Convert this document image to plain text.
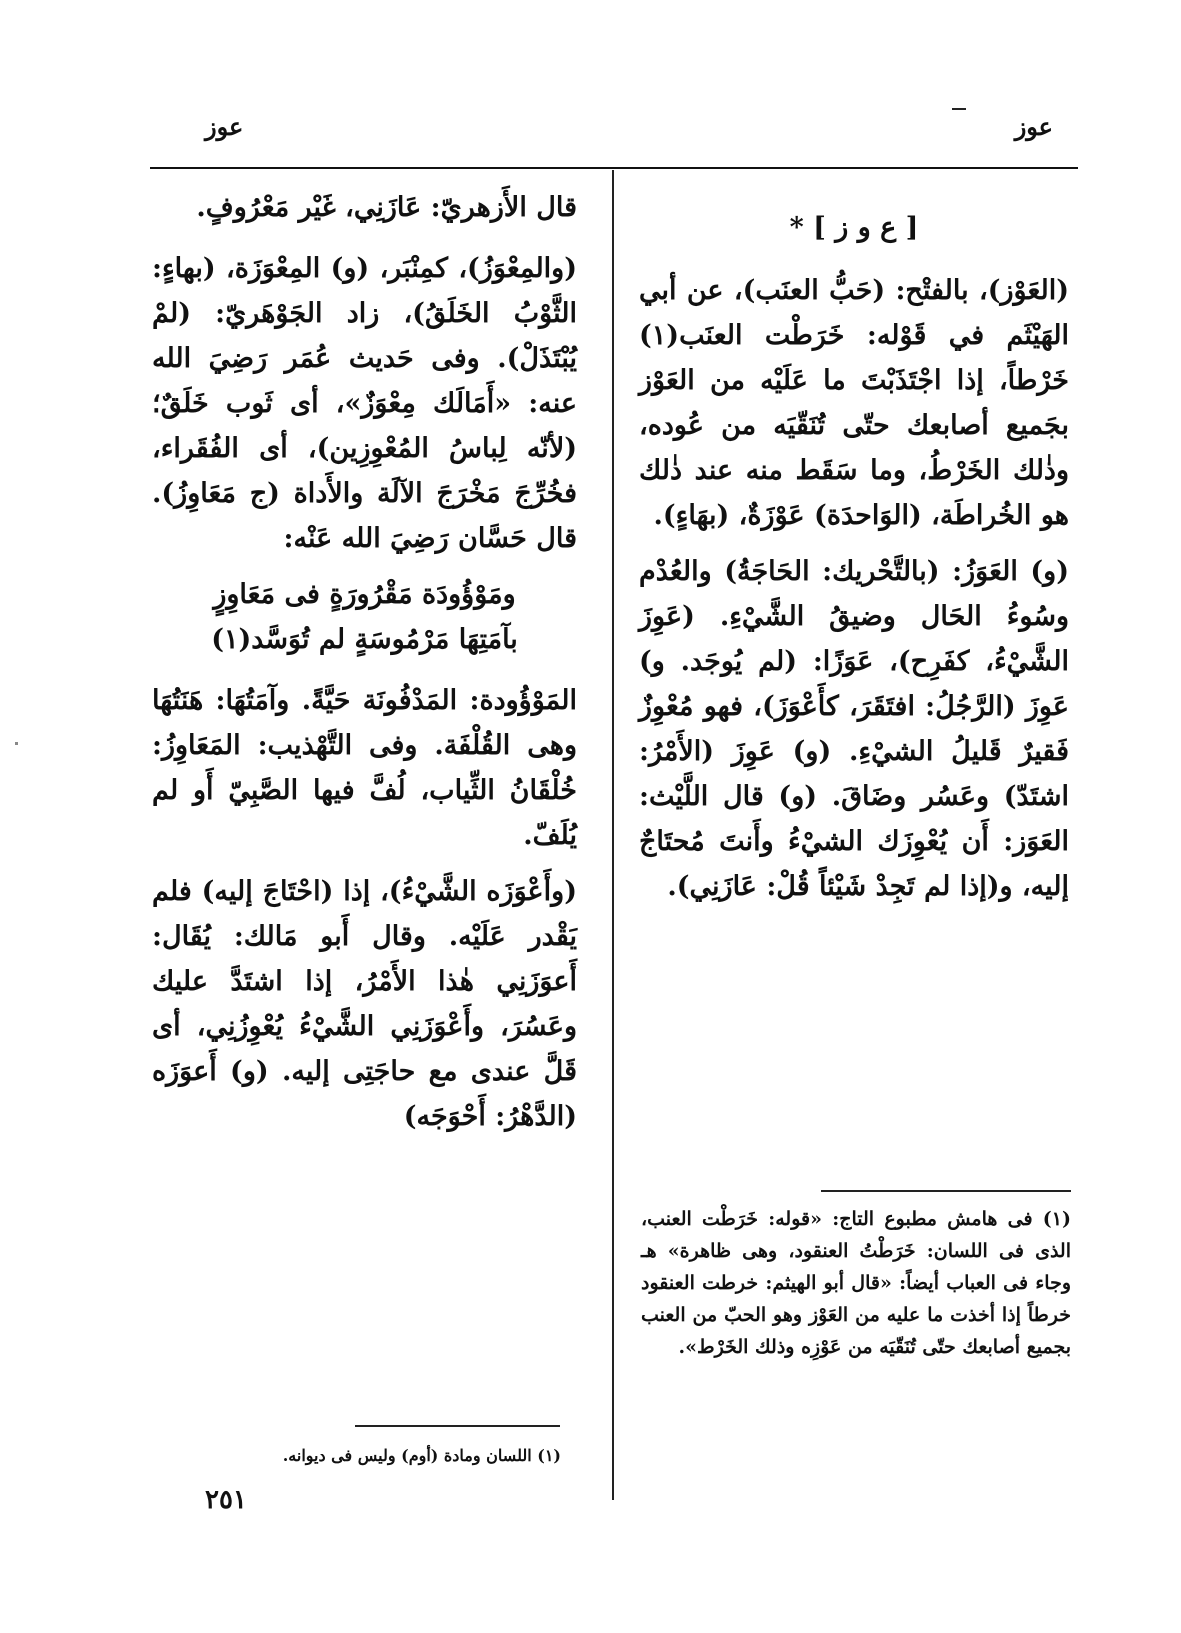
عوز
عوز

[ ع و ز ] *

(العَوْز)، بالفتْح: (حَبُّ العنَب)، عن أبي الهَيْثَم في قَوْله: خَرَطْت العنَب(١) خَرْطاً، إذا اجْتَذَبْتَ ما عَلَيْه من العَوْز بجَميع أصابعك حتّى تُنَقّيَه من عُوده، وذٰلك الخَرْطُ، وما سَقَط منه عند ذٰلك هو الخُراطَة، (الوَاحدَة) عَوْزَةٌ، (بهَاءٍ).

(و) العَوَزُ: (بالتَّحْريك: الحَاجَةُ) والعُدْم وسُوءُ الحَال وضيقُ الشَّيْءِ. (عَوِزَ الشَّيْءُ، كفَرِح)، عَوَزًا: (لم يُوجَد. و) عَوِزَ (الرَّجُلُ: افتَقَرَ، كأَعْوَزَ)، فهو مُعْوِزٌ فَقيرٌ قَليلُ الشيْءِ. (و) عَوِزَ (الأَمْرُ: اشتَدّ) وعَسُر وضَاقَ. (و) قال اللَّيْث: العَوَز: أَن يُعْوِزَك الشيْءُ وأَنتَ مُحتَاجٌ إليه، و(إذا لم تَجِدْ شَيْئاً قُلْ: عَازَنِي).

(١) فى هامش مطبوع التاج: «قوله: خَرَطْت العنب، الذى فى اللسان: خَرَطْتُ العنقود، وهى ظاهرة» هـ وجاء فى العباب أيضاً: «قال أبو الهيثم: خرطت العنقود خرطاً إذا أخذت ما عليه من العَوْز وهو الحبّ من العنب بجميع أصابعك حتّى تُنَقّيَه من عَوْزِه وذلك الخَرْط».

قال الأَزهريّ: عَازَنِي، غَيْر مَعْرُوفٍ.

(والمِعْوَزُ)، كمِنْبَر، (و) المِعْوَزَة، (بهاءٍ: الثَّوْبُ الخَلَقُ)، زاد الجَوْهَريّ: (لمْ يُبْتَذَلْ). وفى حَديث عُمَر رَضِيَ الله عنه: «أَمَالَك مِعْوَزٌ»، أى ثَوب خَلَقٌ؛ (لأنّه لِباسُ المُعْوِزِين)، أى الفُقَراء، فخُرِّجَ مَخْرَجَ الآلَة والأَداة (ج مَعَاوِزُ). قال حَسَّان رَضِيَ الله عَنْه:

ومَوْؤُودَة مَقْرُورَةٍ فى مَعَاوِزٍ

بآمَتِهَا مَرْمُوسَةٍ لم تُوَسَّد(١)

المَوْؤُودة: المَدْفُونَة حَيَّةً. وآمَتُهَا: هَنَتُهَا وهى القُلْفَة. وفى التَّهْذيب: المَعَاوِزُ: خُلْقَانُ الثِّياب، لُفَّ فيها الصَّبِيّ أَو لم يُلَفّ.

(وأَعْوَزَه الشَّيْءُ)، إذا (احْتَاجَ إليه) فلم يَقْدر عَلَيْه. وقال أَبو مَالك: يُقَال: أَعوَزَنِي هٰذا الأَمْرُ، إذا اشتَدَّ عليك وعَسُرَ، وأَعْوَزَنِي الشَّيْءُ يُعْوِزُنِي، أى قَلَّ عندى مع حاجَتِى إليه. (و) أَعوَزَه (الدَّهْرُ: أَحْوَجَه)

(١) اللسان ومادة (أوم) وليس فى ديوانه.
٢٥١
